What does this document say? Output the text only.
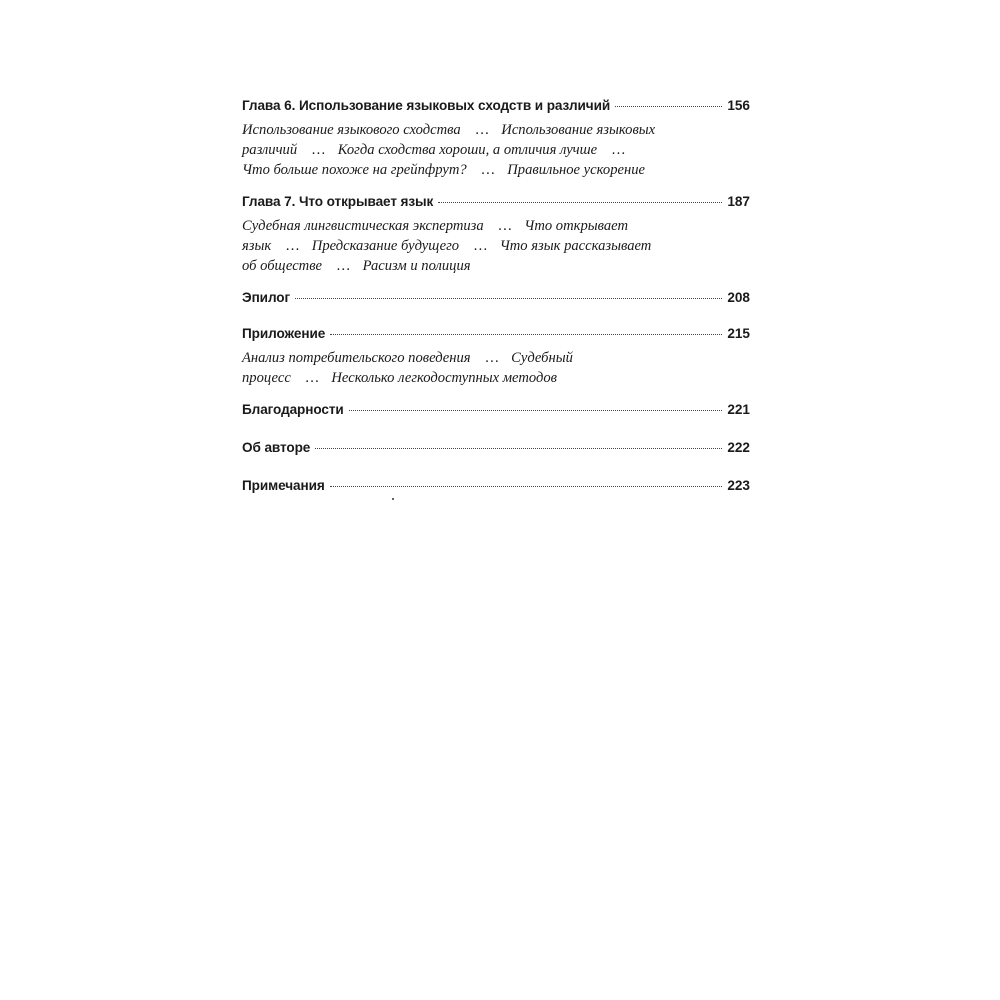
Глава 6. Использование языковых сходств и различий	156
Использование языкового сходства … Использование языковых
различий … Когда сходства хороши, а отличия лучше …
Что больше похоже на грейпфрут? … Правильное ускорение
Глава 7. Что открывает язык	187
Судебная лингвистическая экспертиза … Что открывает
язык … Предсказание будущего … Что язык рассказывает
об обществе … Расизм и полиция
Эпилог	208
Приложение	215
Анализ потребительского поведения … Судебный
процесс … Несколько легкодоступных методов
Благодарности	221
Об авторе	222
Примечания	223
